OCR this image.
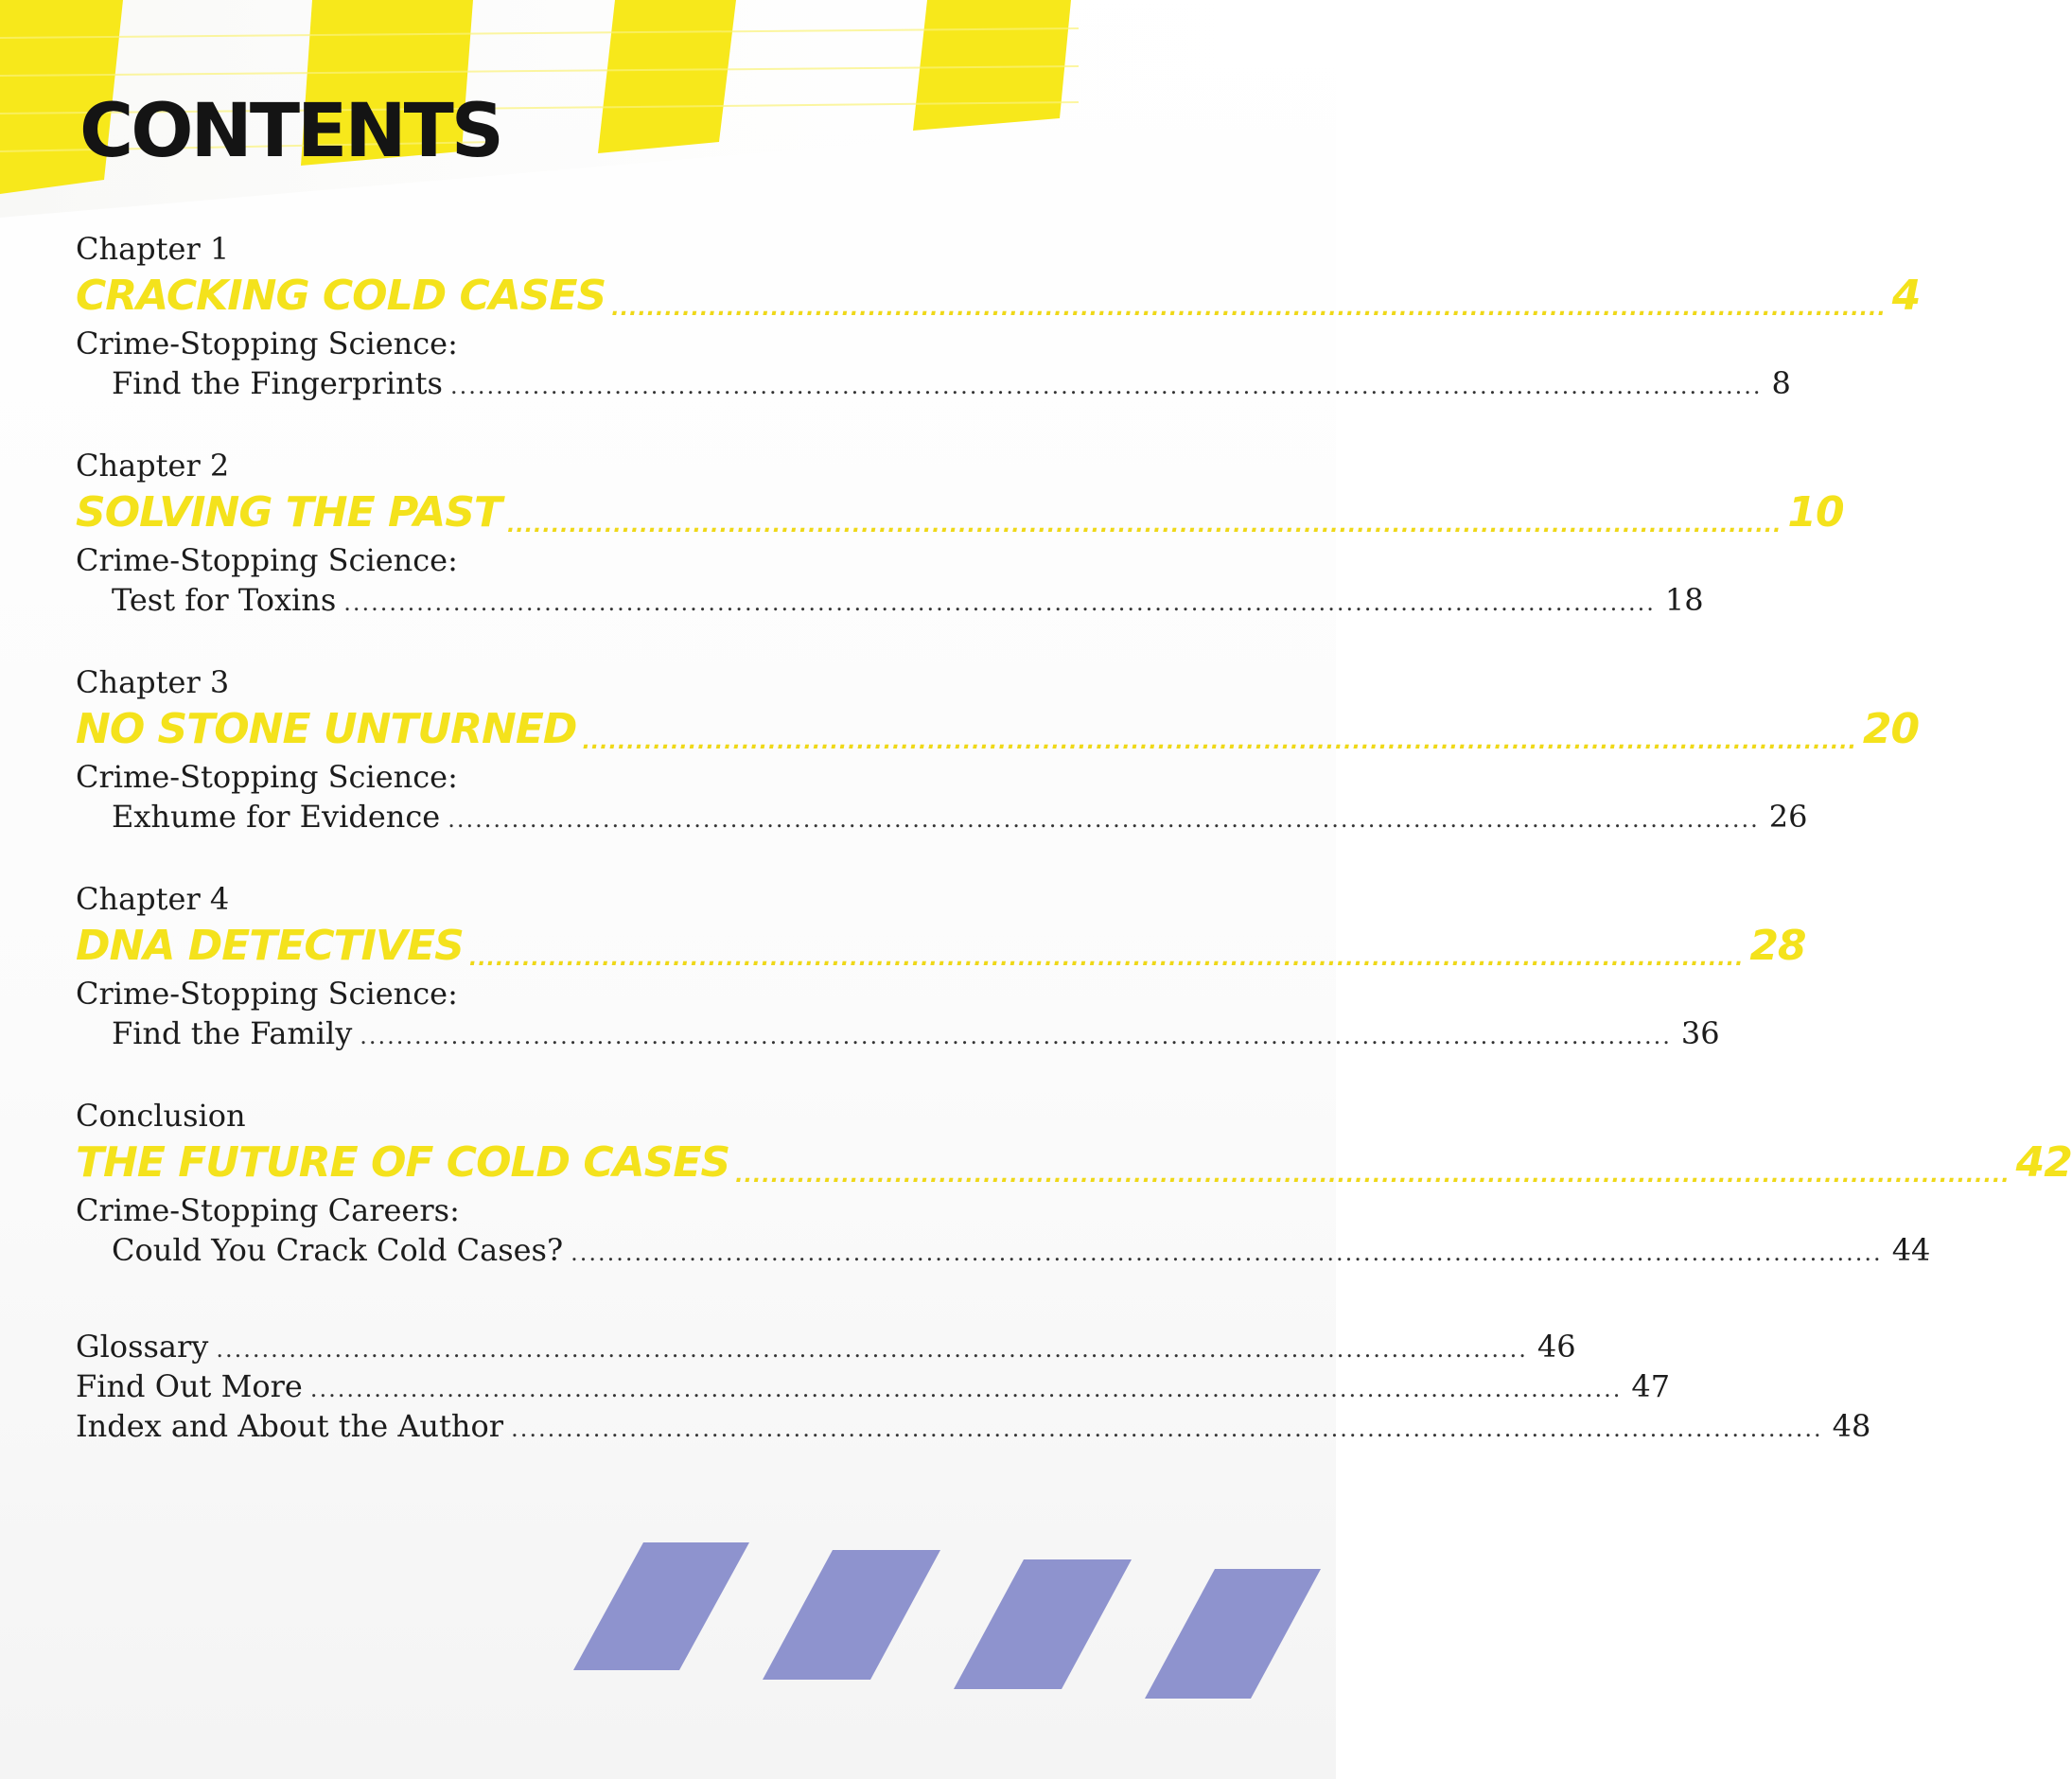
CONTENTS
Chapter 1
CRACKING COLD CASES ................................................................................................................................................ 4
Crime-Stopping Science:
Find the Fingerprints ................................................................................................................................................ 8
Chapter 2
SOLVING THE PAST ................................................................................................................................................ 10
Crime-Stopping Science:
Test for Toxins ................................................................................................................................................ 18
Chapter 3
NO STONE UNTURNED ................................................................................................................................................ 20
Crime-Stopping Science:
Exhume for Evidence ................................................................................................................................................ 26
Chapter 4
DNA DETECTIVES ................................................................................................................................................ 28
Crime-Stopping Science:
Find the Family ................................................................................................................................................ 36
Conclusion
THE FUTURE OF COLD CASES ................................................................................................................................................ 42
Crime-Stopping Careers:
Could You Crack Cold Cases? ................................................................................................................................................ 44
Glossary ................................................................................................................................................ 46
Find Out More ................................................................................................................................................ 47
Index and About the Author ................................................................................................................................................ 48
